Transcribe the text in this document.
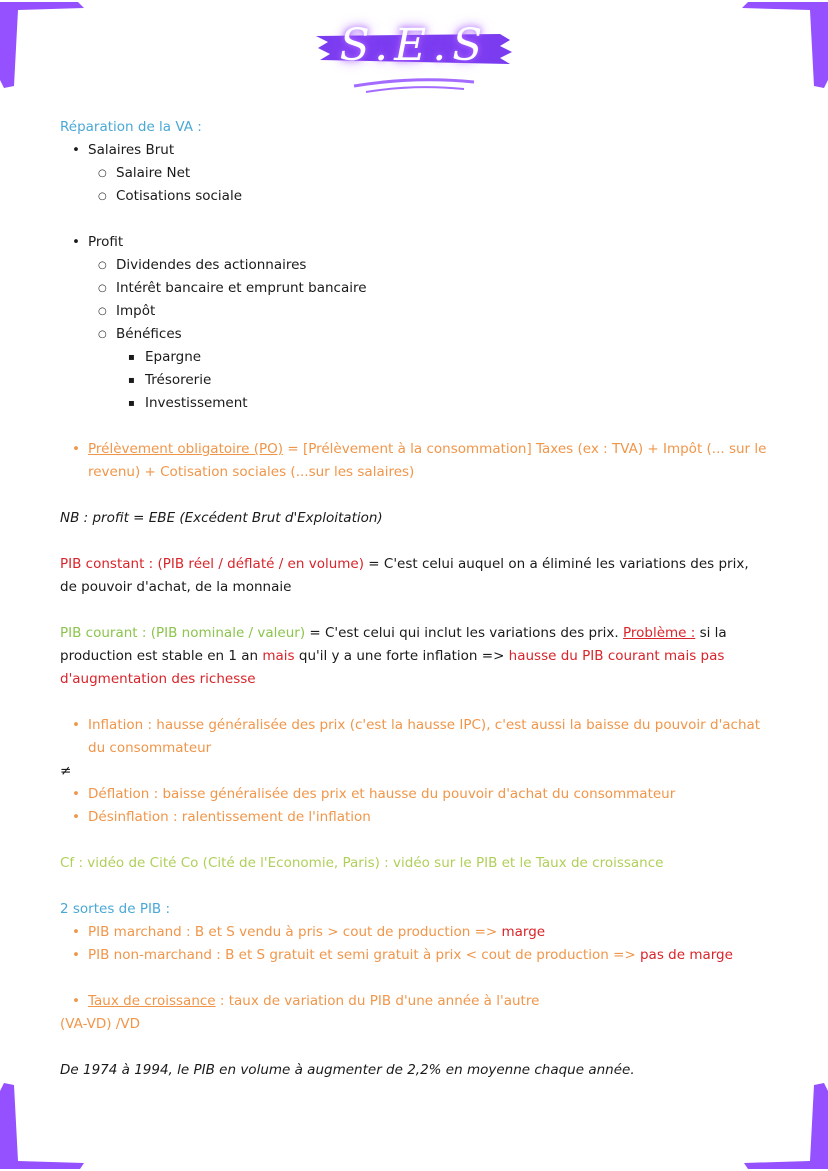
S.E.S
Réparation de la VA :
• Salaires Brut
○ Salaire Net
○ Cotisations sociale
• Profit
○ Dividendes des actionnaires
○ Intérêt bancaire et emprunt bancaire
○ Impôt
○ Bénéfices
▪ Epargne
▪ Trésorerie
▪ Investissement
• Prélèvement obligatoire (PO) = [Prélèvement à la consommation] Taxes (ex : TVA) + Impôt (... sur le
revenu) + Cotisation sociales (...sur les salaires)
NB : profit = EBE (Excédent Brut d'Exploitation)
PIB constant : (PIB réel / déflaté / en volume) = C'est celui auquel on a éliminé les variations des prix,
de pouvoir d'achat, de la monnaie
PIB courant : (PIB nominale / valeur) = C'est celui qui inclut les variations des prix. Problème : si la
production est stable en 1 an mais qu'il y a une forte inflation => hausse du PIB courant mais pas
d'augmentation des richesse
• Inflation : hausse généralisée des prix (c'est la hausse IPC), c'est aussi la baisse du pouvoir d'achat
du consommateur
≠
• Déflation : baisse généralisée des prix et hausse du pouvoir d'achat du consommateur
• Désinflation : ralentissement de l'inflation
Cf : vidéo de Cité Co (Cité de l'Economie, Paris) : vidéo sur le PIB et le Taux de croissance
2 sortes de PIB :
• PIB marchand : B et S vendu à pris > cout de production => marge
• PIB non-marchand : B et S gratuit et semi gratuit à prix < cout de production => pas de marge
• Taux de croissance : taux de variation du PIB d'une année à l'autre
(VA-VD) /VD
De 1974 à 1994, le PIB en volume à augmenter de 2,2% en moyenne chaque année.
